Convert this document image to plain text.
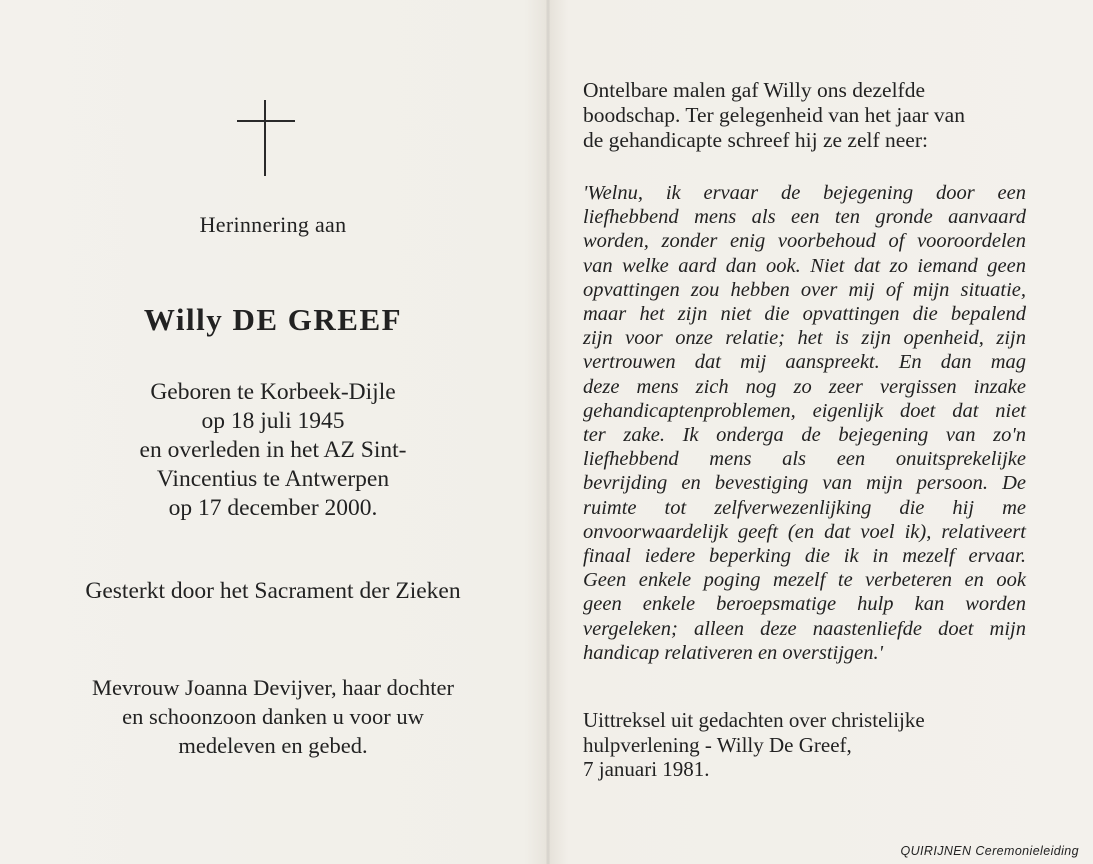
Herinnering aan
Willy DE GREEF
Geboren te Korbeek-Dijle
op 18 juli 1945
en overleden in het AZ Sint-
Vincentius te Antwerpen
op 17 december 2000.
Gesterkt door het Sacrament der Zieken
Mevrouw Joanna Devijver, haar dochter
en schoonzoon danken u voor uw
medeleven en gebed.
Ontelbare malen gaf Willy ons dezelfde
boodschap. Ter gelegenheid van het jaar van
de gehandicapte schreef hij ze zelf neer:
'Welnu, ik ervaar de bejegening door een
liefhebbend mens als een ten gronde aanvaard
worden, zonder enig voorbehoud of vooroordelen
van welke aard dan ook. Niet dat zo iemand geen
opvattingen zou hebben over mij of mijn situatie,
maar het zijn niet die opvattingen die bepalend
zijn voor onze relatie; het is zijn openheid, zijn
vertrouwen dat mij aanspreekt. En dan mag
deze mens zich nog zo zeer vergissen inzake
gehandicaptenproblemen, eigenlijk doet dat niet
ter zake. Ik onderga de bejegening van zo'n
liefhebbend mens als een onuitsprekelijke
bevrijding en bevestiging van mijn persoon. De
ruimte tot zelfverwezenlijking die hij me
onvoorwaardelijk geeft (en dat voel ik), relativeert
finaal iedere beperking die ik in mezelf ervaar.
Geen enkele poging mezelf te verbeteren en ook
geen enkele beroepsmatige hulp kan worden
vergeleken; alleen deze naastenliefde doet mijn
handicap relativeren en overstijgen.'
Uittreksel uit gedachten over christelijke
hulpverlening - Willy De Greef,
7 januari 1981.
QUIRIJNEN Ceremonieleiding
